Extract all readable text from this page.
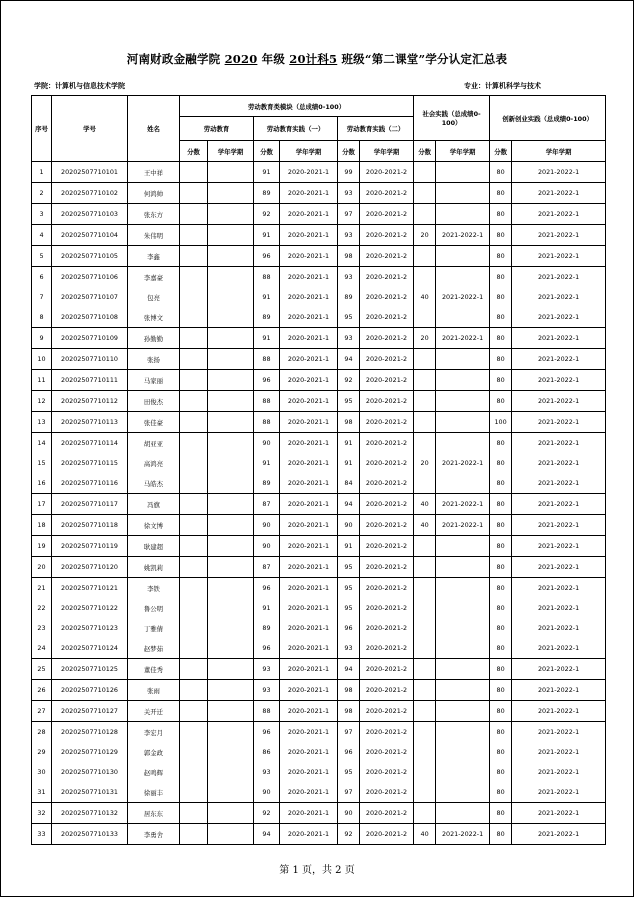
河南财政金融学院 2020 年级 20计科5 班级“第二课堂”学分认定汇总表
学院：计算机与信息技术学院	专业：计算机科学与技术
序号	学号	姓名	劳动教育类模块（总成绩0-100）						社会实践（总成绩0-100）		创新创业实践（总成绩0-100）	
			劳动教育		劳动教育实践（一）		劳动教育实践（二）					
			分数	学年学期	分数	学年学期	分数	学年学期	分数	学年学期	分数	学年学期
1	20202507710101	王中祥			91	2020-2021-1	99	2020-2021-2			80	2021-2022-1
2	20202507710102	何鸿帅			89	2020-2021-1	93	2020-2021-2			80	2021-2022-1
3	20202507710103	张东方			92	2020-2021-1	97	2020-2021-2			80	2021-2022-1
4	20202507710104	朱伟明			91	2020-2021-1	93	2020-2021-2	20	2021-2022-1	80	2021-2022-1
5	20202507710105	李鑫			96	2020-2021-1	98	2020-2021-2			80	2021-2022-1
6	20202507710106	李嘉豪			88	2020-2021-1	93	2020-2021-2			80	2021-2022-1
7	20202507710107	包亮			91	2020-2021-1	89	2020-2021-2	40	2021-2022-1	80	2021-2022-1
8	20202507710108	张博文			89	2020-2021-1	95	2020-2021-2			80	2021-2022-1
9	20202507710109	孙勤勤			91	2020-2021-1	93	2020-2021-2	20	2021-2022-1	80	2021-2022-1
10	20202507710110	张扬			88	2020-2021-1	94	2020-2021-2			80	2021-2022-1
11	20202507710111	马家丽			96	2020-2021-1	92	2020-2021-2			80	2021-2022-1
12	20202507710112	田俊杰			88	2020-2021-1	95	2020-2021-2			80	2021-2022-1
13	20202507710113	张佳豪			88	2020-2021-1	98	2020-2021-2			100	2021-2022-1
14	20202507710114	胡亚亚			90	2020-2021-1	91	2020-2021-2			80	2021-2022-1
15	20202507710115	高鸿亮			91	2020-2021-1	91	2020-2021-2	20	2021-2022-1	80	2021-2022-1
16	20202507710116	马皓杰			89	2020-2021-1	84	2020-2021-2			80	2021-2022-1
17	20202507710117	冯旗			87	2020-2021-1	94	2020-2021-2	40	2021-2022-1	80	2021-2022-1
18	20202507710118	徐文博			90	2020-2021-1	90	2020-2021-2	40	2021-2022-1	80	2021-2022-1
19	20202507710119	耿建超			90	2020-2021-1	91	2020-2021-2			80	2021-2022-1
20	20202507710120	姚凯莉			87	2020-2021-1	95	2020-2021-2			80	2021-2022-1
21	20202507710121	李铁			96	2020-2021-1	95	2020-2021-2			80	2021-2022-1
22	20202507710122	鲁公明			91	2020-2021-1	95	2020-2021-2			80	2021-2022-1
23	20202507710123	丁雅倩			89	2020-2021-1	96	2020-2021-2			80	2021-2022-1
24	20202507710124	赵梦茹			96	2020-2021-1	93	2020-2021-2			80	2021-2022-1
25	20202507710125	董佳秀			93	2020-2021-1	94	2020-2021-2			80	2021-2022-1
26	20202507710126	张雨			93	2020-2021-1	98	2020-2021-2			80	2021-2022-1
27	20202507710127	关开迁			88	2020-2021-1	98	2020-2021-2			80	2021-2022-1
28	20202507710128	李宏月			96	2020-2021-1	97	2020-2021-2			80	2021-2022-1
29	20202507710129	郭金政			86	2020-2021-1	96	2020-2021-2			80	2021-2022-1
30	20202507710130	赵鸣辉			93	2020-2021-1	95	2020-2021-2			80	2021-2022-1
31	20202507710131	徐丽丰			90	2020-2021-1	97	2020-2021-2			80	2021-2022-1
32	20202507710132	居东东			92	2020-2021-1	90	2020-2021-2			80	2021-2022-1
33	20202507710133	李勇舍			94	2020-2021-1	92	2020-2021-2	40	2021-2022-1	80	2021-2022-1
第 1 页，共 2 页
